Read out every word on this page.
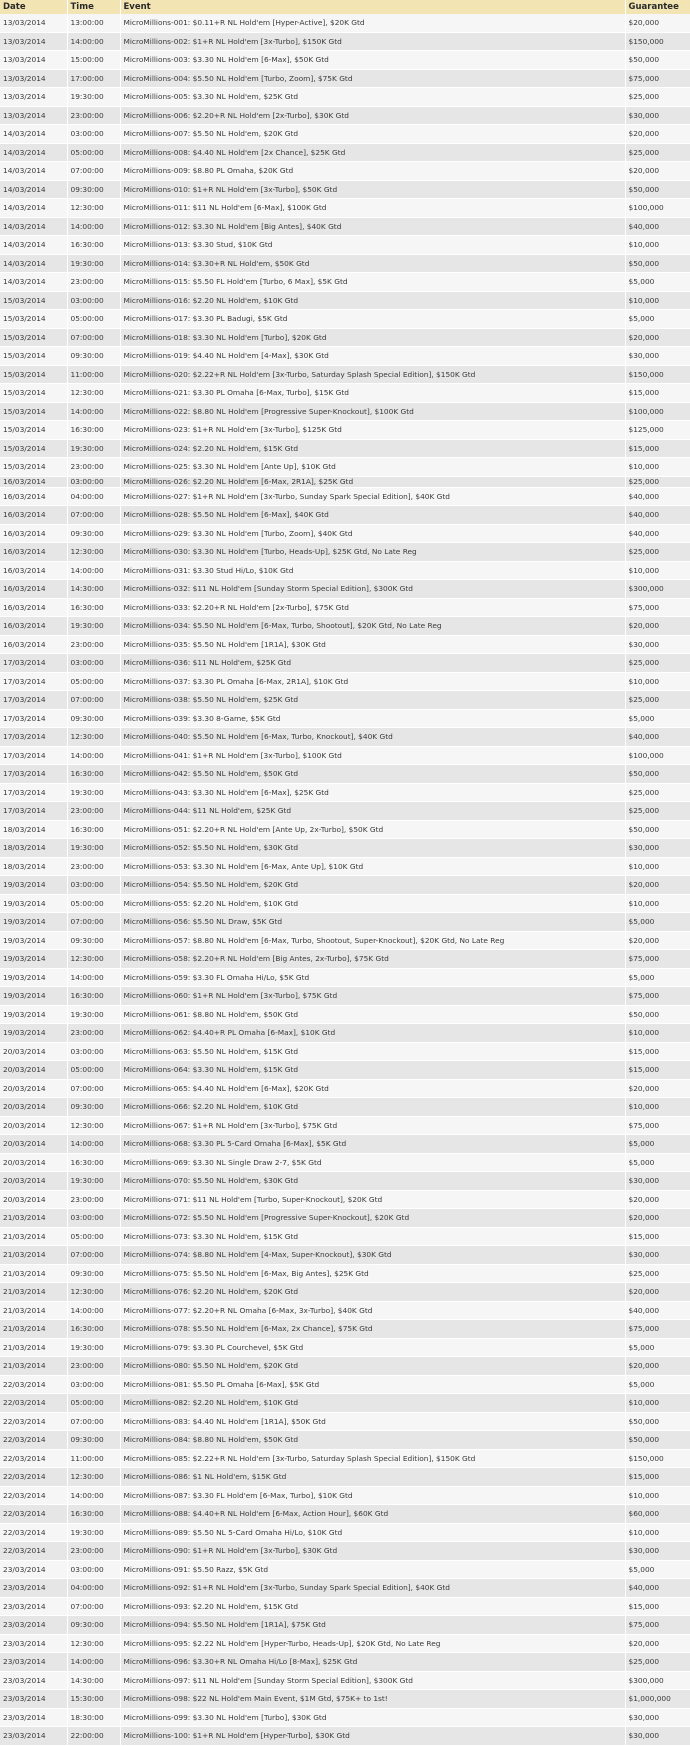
Date	Time	Event	Guarantee
13/03/2014	13:00:00	MicroMillions-001: $0.11+R NL Hold'em [Hyper-Active], $20K Gtd	$20,000
13/03/2014	14:00:00	MicroMillions-002: $1+R NL Hold'em [3x-Turbo], $150K Gtd	$150,000
13/03/2014	15:00:00	MicroMillions-003: $3.30 NL Hold'em [6-Max], $50K Gtd	$50,000
13/03/2014	17:00:00	MicroMillions-004: $5.50 NL Hold'em [Turbo, Zoom], $75K Gtd	$75,000
13/03/2014	19:30:00	MicroMillions-005: $3.30 NL Hold'em, $25K Gtd	$25,000
13/03/2014	23:00:00	MicroMillions-006: $2.20+R NL Hold'em [2x-Turbo], $30K Gtd	$30,000
14/03/2014	03:00:00	MicroMillions-007: $5.50 NL Hold'em, $20K Gtd	$20,000
14/03/2014	05:00:00	MicroMillions-008: $4.40 NL Hold'em [2x Chance], $25K Gtd	$25,000
14/03/2014	07:00:00	MicroMillions-009: $8.80 PL Omaha, $20K Gtd	$20,000
14/03/2014	09:30:00	MicroMillions-010: $1+R NL Hold'em [3x-Turbo], $50K Gtd	$50,000
14/03/2014	12:30:00	MicroMillions-011: $11 NL Hold'em [6-Max], $100K Gtd	$100,000
14/03/2014	14:00:00	MicroMillions-012: $3.30 NL Hold'em [Big Antes], $40K Gtd	$40,000
14/03/2014	16:30:00	MicroMillions-013: $3.30 Stud, $10K Gtd	$10,000
14/03/2014	19:30:00	MicroMillions-014: $3.30+R NL Hold'em, $50K Gtd	$50,000
14/03/2014	23:00:00	MicroMillions-015: $5.50 FL Hold'em [Turbo, 6 Max], $5K Gtd	$5,000
15/03/2014	03:00:00	MicroMillions-016: $2.20 NL Hold'em, $10K Gtd	$10,000
15/03/2014	05:00:00	MicroMillions-017: $3.30 PL Badugi, $5K Gtd	$5,000
15/03/2014	07:00:00	MicroMillions-018: $3.30 NL Hold'em [Turbo], $20K Gtd	$20,000
15/03/2014	09:30:00	MicroMillions-019: $4.40 NL Hold'em [4-Max], $30K Gtd	$30,000
15/03/2014	11:00:00	MicroMillions-020: $2.22+R NL Hold'em [3x-Turbo, Saturday Splash Special Edition], $150K Gtd	$150,000
15/03/2014	12:30:00	MicroMillions-021: $3.30 PL Omaha [6-Max, Turbo], $15K Gtd	$15,000
15/03/2014	14:00:00	MicroMillions-022: $8.80 NL Hold'em [Progressive Super-Knockout], $100K Gtd	$100,000
15/03/2014	16:30:00	MicroMillions-023: $1+R NL Hold'em [3x-Turbo], $125K Gtd	$125,000
15/03/2014	19:30:00	MicroMillions-024: $2.20 NL Hold'em, $15K Gtd	$15,000
15/03/2014	23:00:00	MicroMillions-025: $3.30 NL Hold'em [Ante Up], $10K Gtd	$10,000
16/03/2014	03:00:00	MicroMillions-026: $2.20 NL Hold'em [6-Max, 2R1A], $25K Gtd	$25,000
16/03/2014	04:00:00	MicroMillions-027: $1+R NL Hold'em [3x-Turbo, Sunday Spark Special Edition], $40K Gtd	$40,000
16/03/2014	07:00:00	MicroMillions-028: $5.50 NL Hold'em [6-Max], $40K Gtd	$40,000
16/03/2014	09:30:00	MicroMillions-029: $3.30 NL Hold'em [Turbo, Zoom], $40K Gtd	$40,000
16/03/2014	12:30:00	MicroMillions-030: $3.30 NL Hold'em [Turbo, Heads-Up], $25K Gtd, No Late Reg	$25,000
16/03/2014	14:00:00	MicroMillions-031: $3.30 Stud Hi/Lo, $10K Gtd	$10,000
16/03/2014	14:30:00	MicroMillions-032: $11 NL Hold'em [Sunday Storm Special Edition], $300K Gtd	$300,000
16/03/2014	16:30:00	MicroMillions-033: $2.20+R NL Hold'em [2x-Turbo], $75K Gtd	$75,000
16/03/2014	19:30:00	MicroMillions-034: $5.50 NL Hold'em [6-Max, Turbo, Shootout], $20K Gtd, No Late Reg	$20,000
16/03/2014	23:00:00	MicroMillions-035: $5.50 NL Hold'em [1R1A], $30K Gtd	$30,000
17/03/2014	03:00:00	MicroMillions-036: $11 NL Hold'em, $25K Gtd	$25,000
17/03/2014	05:00:00	MicroMillions-037: $3.30 PL Omaha [6-Max, 2R1A], $10K Gtd	$10,000
17/03/2014	07:00:00	MicroMillions-038: $5.50 NL Hold'em, $25K Gtd	$25,000
17/03/2014	09:30:00	MicroMillions-039: $3.30 8-Game, $5K Gtd	$5,000
17/03/2014	12:30:00	MicroMillions-040: $5.50 NL Hold'em [6-Max, Turbo, Knockout], $40K Gtd	$40,000
17/03/2014	14:00:00	MicroMillions-041: $1+R NL Hold'em [3x-Turbo], $100K Gtd	$100,000
17/03/2014	16:30:00	MicroMillions-042: $5.50 NL Hold'em, $50K Gtd	$50,000
17/03/2014	19:30:00	MicroMillions-043: $3.30 NL Hold'em [6-Max], $25K Gtd	$25,000
17/03/2014	23:00:00	MicroMillions-044: $11 NL Hold'em, $25K Gtd	$25,000
18/03/2014	16:30:00	MicroMillions-051: $2.20+R NL Hold'em [Ante Up, 2x-Turbo], $50K Gtd	$50,000
18/03/2014	19:30:00	MicroMillions-052: $5.50 NL Hold'em, $30K Gtd	$30,000
18/03/2014	23:00:00	MicroMillions-053: $3.30 NL Hold'em [6-Max, Ante Up], $10K Gtd	$10,000
19/03/2014	03:00:00	MicroMillions-054: $5.50 NL Hold'em, $20K Gtd	$20,000
19/03/2014	05:00:00	MicroMillions-055: $2.20 NL Hold'em, $10K Gtd	$10,000
19/03/2014	07:00:00	MicroMillions-056: $5.50 NL Draw, $5K Gtd	$5,000
19/03/2014	09:30:00	MicroMillions-057: $8.80 NL Hold'em [6-Max, Turbo, Shootout, Super-Knockout], $20K Gtd, No Late Reg	$20,000
19/03/2014	12:30:00	MicroMillions-058: $2.20+R NL Hold'em [Big Antes, 2x-Turbo], $75K Gtd	$75,000
19/03/2014	14:00:00	MicroMillions-059: $3.30 FL Omaha Hi/Lo, $5K Gtd	$5,000
19/03/2014	16:30:00	MicroMillions-060: $1+R NL Hold'em [3x-Turbo], $75K Gtd	$75,000
19/03/2014	19:30:00	MicroMillions-061: $8.80 NL Hold'em, $50K Gtd	$50,000
19/03/2014	23:00:00	MicroMillions-062: $4.40+R PL Omaha [6-Max], $10K Gtd	$10,000
20/03/2014	03:00:00	MicroMillions-063: $5.50 NL Hold'em, $15K Gtd	$15,000
20/03/2014	05:00:00	MicroMillions-064: $3.30 NL Hold'em, $15K Gtd	$15,000
20/03/2014	07:00:00	MicroMillions-065: $4.40 NL Hold'em [6-Max], $20K Gtd	$20,000
20/03/2014	09:30:00	MicroMillions-066: $2.20 NL Hold'em, $10K Gtd	$10,000
20/03/2014	12:30:00	MicroMillions-067: $1+R NL Hold'em [3x-Turbo], $75K Gtd	$75,000
20/03/2014	14:00:00	MicroMillions-068: $3.30 PL 5-Card Omaha [6-Max], $5K Gtd	$5,000
20/03/2014	16:30:00	MicroMillions-069: $3.30 NL Single Draw 2-7, $5K Gtd	$5,000
20/03/2014	19:30:00	MicroMillions-070: $5.50 NL Hold'em, $30K Gtd	$30,000
20/03/2014	23:00:00	MicroMillions-071: $11 NL Hold'em [Turbo, Super-Knockout], $20K Gtd	$20,000
21/03/2014	03:00:00	MicroMillions-072: $5.50 NL Hold'em [Progressive Super-Knockout], $20K Gtd	$20,000
21/03/2014	05:00:00	MicroMillions-073: $3.30 NL Hold'em, $15K Gtd	$15,000
21/03/2014	07:00:00	MicroMillions-074: $8.80 NL Hold'em [4-Max, Super-Knockout], $30K Gtd	$30,000
21/03/2014	09:30:00	MicroMillions-075: $5.50 NL Hold'em [6-Max, Big Antes], $25K Gtd	$25,000
21/03/2014	12:30:00	MicroMillions-076: $2.20 NL Hold'em, $20K Gtd	$20,000
21/03/2014	14:00:00	MicroMillions-077: $2.20+R NL Omaha [6-Max, 3x-Turbo], $40K Gtd	$40,000
21/03/2014	16:30:00	MicroMillions-078: $5.50 NL Hold'em [6-Max, 2x Chance], $75K Gtd	$75,000
21/03/2014	19:30:00	MicroMillions-079: $3.30 PL Courchevel, $5K Gtd	$5,000
21/03/2014	23:00:00	MicroMillions-080: $5.50 NL Hold'em, $20K Gtd	$20,000
22/03/2014	03:00:00	MicroMillions-081: $5.50 PL Omaha [6-Max], $5K Gtd	$5,000
22/03/2014	05:00:00	MicroMillions-082: $2.20 NL Hold'em, $10K Gtd	$10,000
22/03/2014	07:00:00	MicroMillions-083: $4.40 NL Hold'em [1R1A], $50K Gtd	$50,000
22/03/2014	09:30:00	MicroMillions-084: $8.80 NL Hold'em, $50K Gtd	$50,000
22/03/2014	11:00:00	MicroMillions-085: $2.22+R NL Hold'em [3x-Turbo, Saturday Splash Special Edition], $150K Gtd	$150,000
22/03/2014	12:30:00	MicroMillions-086: $1 NL Hold'em, $15K Gtd	$15,000
22/03/2014	14:00:00	MicroMillions-087: $3.30 FL Hold'em [6-Max, Turbo], $10K Gtd	$10,000
22/03/2014	16:30:00	MicroMillions-088: $4.40+R NL Hold'em [6-Max, Action Hour], $60K Gtd	$60,000
22/03/2014	19:30:00	MicroMillions-089: $5.50 NL 5-Card Omaha Hi/Lo, $10K Gtd	$10,000
22/03/2014	23:00:00	MicroMillions-090: $1+R NL Hold'em [3x-Turbo], $30K Gtd	$30,000
23/03/2014	03:00:00	MicroMillions-091: $5.50 Razz, $5K Gtd	$5,000
23/03/2014	04:00:00	MicroMillions-092: $1+R NL Hold'em [3x-Turbo, Sunday Spark Special Edition], $40K Gtd	$40,000
23/03/2014	07:00:00	MicroMillions-093: $2.20 NL Hold'em, $15K Gtd	$15,000
23/03/2014	09:30:00	MicroMillions-094: $5.50 NL Hold'em [1R1A], $75K Gtd	$75,000
23/03/2014	12:30:00	MicroMillions-095: $2.22 NL Hold'em [Hyper-Turbo, Heads-Up], $20K Gtd, No Late Reg	$20,000
23/03/2014	14:00:00	MicroMillions-096: $3.30+R NL Omaha Hi/Lo [8-Max], $25K Gtd	$25,000
23/03/2014	14:30:00	MicroMillions-097: $11 NL Hold'em [Sunday Storm Special Edition], $300K Gtd	$300,000
23/03/2014	15:30:00	MicroMillions-098: $22 NL Hold'em Main Event, $1M Gtd, $75K+ to 1st!	$1,000,000
23/03/2014	18:30:00	MicroMillions-099: $3.30 NL Hold'em [Turbo], $30K Gtd	$30,000
23/03/2014	22:00:00	MicroMillions-100: $1+R NL Hold'em [Hyper-Turbo], $30K Gtd	$30,000
